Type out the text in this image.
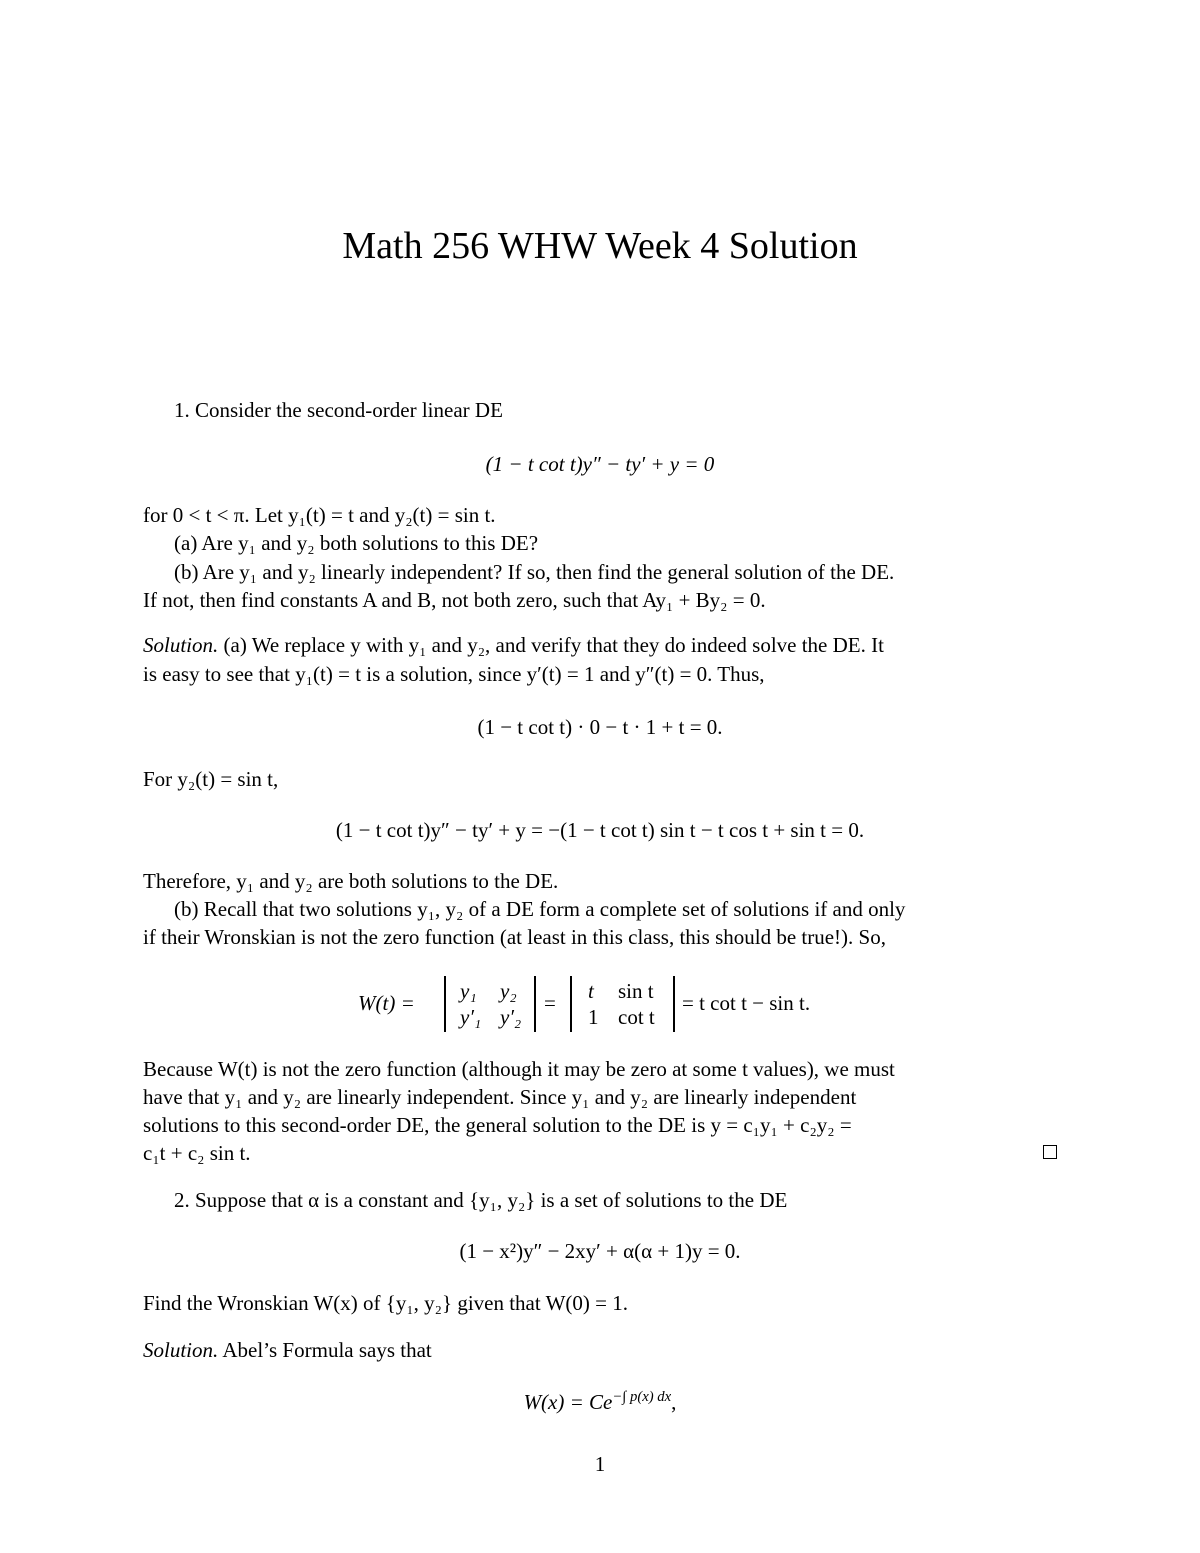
Math 256 WHW Week 4 Solution
1. Consider the second-order linear DE
(1 − t cot t)y″ − ty′ + y = 0
for 0 < t < π. Let y₁(t) = t and y₂(t) = sin t.
(a) Are y₁ and y₂ both solutions to this DE?
(b) Are y₁ and y₂ linearly independent? If so, then find the general solution of the DE.
If not, then find constants A and B, not both zero, such that Ay₁ + By₂ = 0.
Solution. (a) We replace y with y₁ and y₂, and verify that they do indeed solve the DE. It
is easy to see that y₁(t) = t is a solution, since y′(t) = 1 and y″(t) = 0. Thus,
(1 − t cot t) · 0 − t · 1 + t = 0.
For y₂(t) = sin t,
(1 − t cot t)y″ − ty′ + y = −(1 − t cot t) sin t − t cos t + sin t = 0.
Therefore, y₁ and y₂ are both solutions to the DE.
(b) Recall that two solutions y₁, y₂ of a DE form a complete set of solutions if and only
if their Wronskian is not the zero function (at least in this class, this should be true!). So,
W(t) = y₁ y₂
y′₁ y′₂
= t sin t
1 cot t
= t cot t − sin t.
Because W(t) is not the zero function (although it may be zero at some t values), we must
have that y₁ and y₂ are linearly independent. Since y₁ and y₂ are linearly independent
solutions to this second-order DE, the general solution to the DE is y = c₁y₁ + c₂y₂ =
c₁t + c₂ sin t.
2. Suppose that α is a constant and {y₁, y₂} is a set of solutions to the DE
(1 − x²)y″ − 2xy′ + α(α + 1)y = 0.
Find the Wronskian W(x) of {y₁, y₂} given that W(0) = 1.
Solution. Abel’s Formula says that
$W(x) = Ce^{-\int p(x) dx}$,
1
